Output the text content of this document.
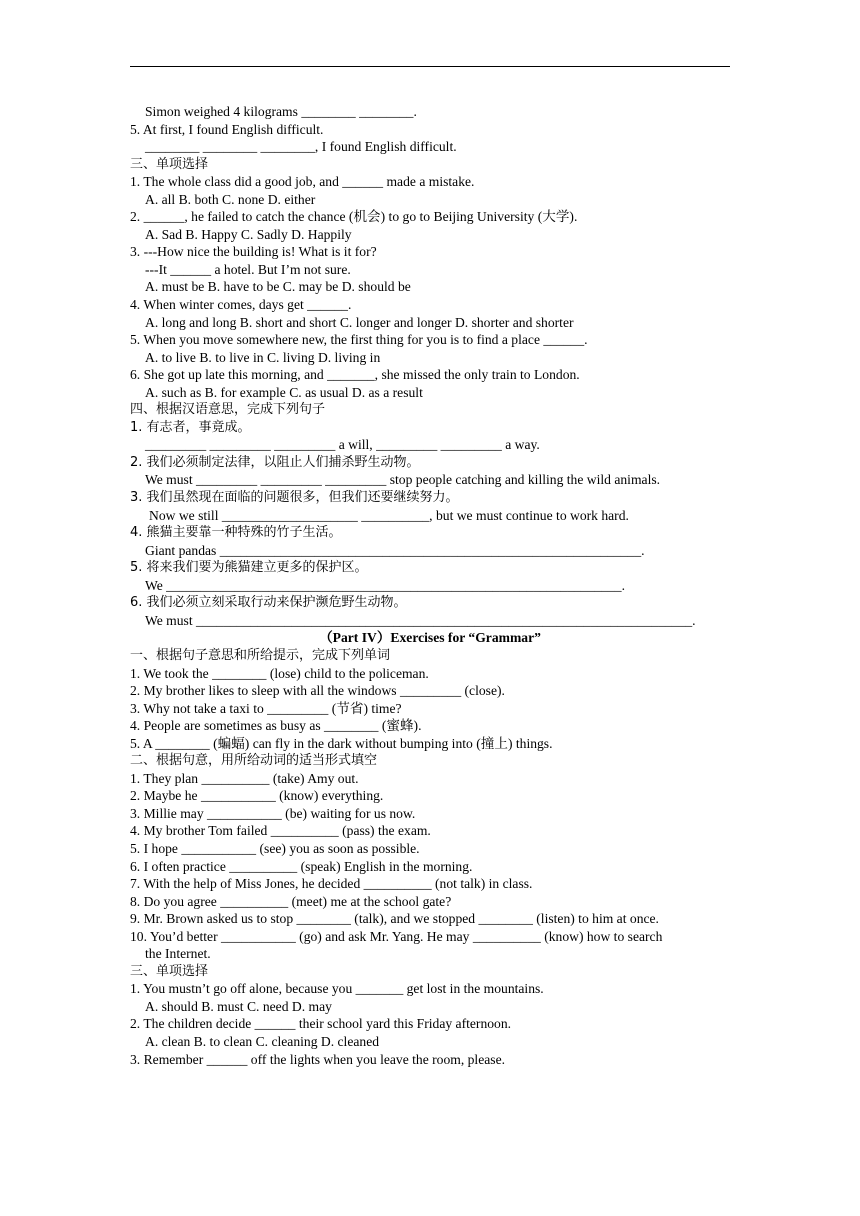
Simon weighed 4 kilograms ________ ________.
5. At first, I found English difficult.
________ ________ ________, I found English difficult.
三、单项选择
1. The whole class did a good job, and ______ made a mistake.
A. all B. both C. none D. either
2. ______, he failed to catch the chance (机会) to go to Beijing University (大学).
A. Sad B. Happy C. Sadly D. Happily
3. ---How nice the building is! What is it for?
---It ______ a hotel. But I’m not sure.
A. must be B. have to be C. may be D. should be
4. When winter comes, days get ______.
A. long and long B. short and short C. longer and longer D. shorter and shorter
5. When you move somewhere new, the first thing for you is to find a place ______.
A. to live B. to live in C. living D. living in
6. She got up late this morning, and _______, she missed the only train to London.
A. such as B. for example C. as usual D. as a result
四、根据汉语意思，完成下列句子
1. 有志者，事竟成。
_________ _________ _________ a will, _________ _________ a way.
2. 我们必须制定法律，以阻止人们捕杀野生动物。
We must _________ _________ _________ stop people catching and killing the wild animals.
3. 我们虽然现在面临的问题很多，但我们还要继续努力。
Now we still ____________________ __________, but we must continue to work hard.
4. 熊猫主要靠一种特殊的竹子生活。
Giant pandas ______________________________________________________________.
5. 将来我们要为熊猫建立更多的保护区。
We ___________________________________________________________________.
6. 我们必须立刻采取行动来保护濒危野生动物。
We must _________________________________________________________________________.
（Part IV）Exercises for “Grammar”
一、根据句子意思和所给提示，完成下列单词
1. We took the ________ (lose) child to the policeman.
2. My brother likes to sleep with all the windows _________ (close).
3. Why not take a taxi to _________ (节省) time?
4. People are sometimes as busy as ________ (蜜蜂).
5. A ________ (蝙蝠) can fly in the dark without bumping into (撞上) things.
二、根据句意，用所给动词的适当形式填空
1. They plan __________ (take) Amy out.
2. Maybe he ___________ (know) everything.
3. Millie may ___________ (be) waiting for us now.
4. My brother Tom failed __________ (pass) the exam.
5. I hope ___________ (see) you as soon as possible.
6. I often practice __________ (speak) English in the morning.
7. With the help of Miss Jones, he decided __________ (not talk) in class.
8. Do you agree __________ (meet) me at the school gate?
9. Mr. Brown asked us to stop ________ (talk), and we stopped ________ (listen) to him at once.
10. You’d better ___________ (go) and ask Mr. Yang. He may __________ (know) how to search
the Internet.
三、单项选择
1. You mustn’t go off alone, because you _______ get lost in the mountains.
A. should B. must C. need D. may
2. The children decide ______ their school yard this Friday afternoon.
A. clean B. to clean C. cleaning D. cleaned
3. Remember ______ off the lights when you leave the room, please.
